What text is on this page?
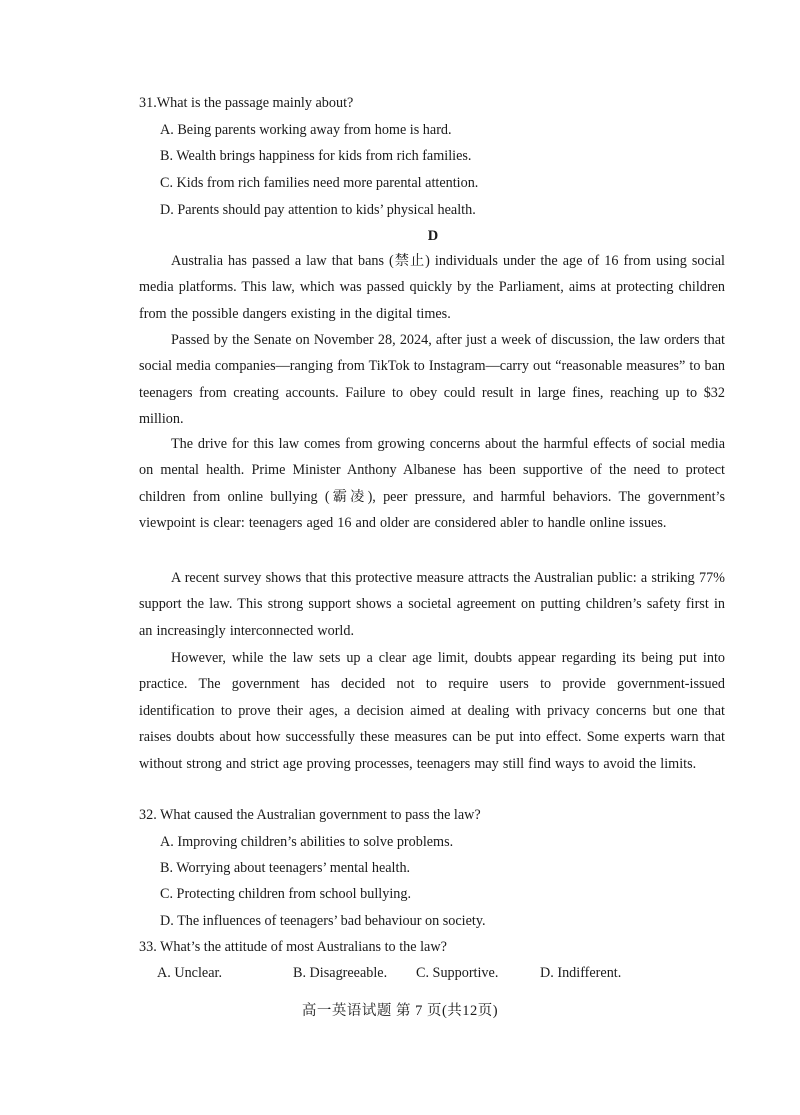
31.What is the passage mainly about?
A. Being parents working away from home is hard.
B. Wealth brings happiness for kids from rich families.
C. Kids from rich families need more parental attention.
D. Parents should pay attention to kids’ physical health.
D
Australia has passed a law that bans (禁止) individuals under the age of 16 from using social media platforms. This law, which was passed quickly by the Parliament, aims at protecting children from the possible dangers existing in the digital times.
Passed by the Senate on November 28, 2024, after just a week of discussion, the law orders that social media companies—ranging from TikTok to Instagram—carry out “reasonable measures” to ban teenagers from creating accounts. Failure to obey could result in large fines, reaching up to $32 million.
The drive for this law comes from growing concerns about the harmful effects of social media on mental health. Prime Minister Anthony Albanese has been supportive of the need to protect children from online bullying (霸凌), peer pressure, and harmful behaviors. The government’s viewpoint is clear: teenagers aged 16 and older are considered abler to handle online issues.
A recent survey shows that this protective measure attracts the Australian public: a striking 77% support the law. This strong support shows a societal agreement on putting children’s safety first in an increasingly interconnected world.
However, while the law sets up a clear age limit, doubts appear regarding its being put into practice. The government has decided not to require users to provide government-issued identification to prove their ages, a decision aimed at dealing with privacy concerns but one that raises doubts about how successfully these measures can be put into effect. Some experts warn that without strong and strict age proving processes, teenagers may still find ways to avoid the limits.
32. What caused the Australian government to pass the law?
A. Improving children’s abilities to solve problems.
B. Worrying about teenagers’ mental health.
C. Protecting children from school bullying.
D. The influences of teenagers’ bad behaviour on society.
33. What’s the attitude of most Australians to the law?
A. Unclear.	B. Disagreeable. C. Supportive.	D. Indifferent.
高一英语试题 第 7 页(共12页)
